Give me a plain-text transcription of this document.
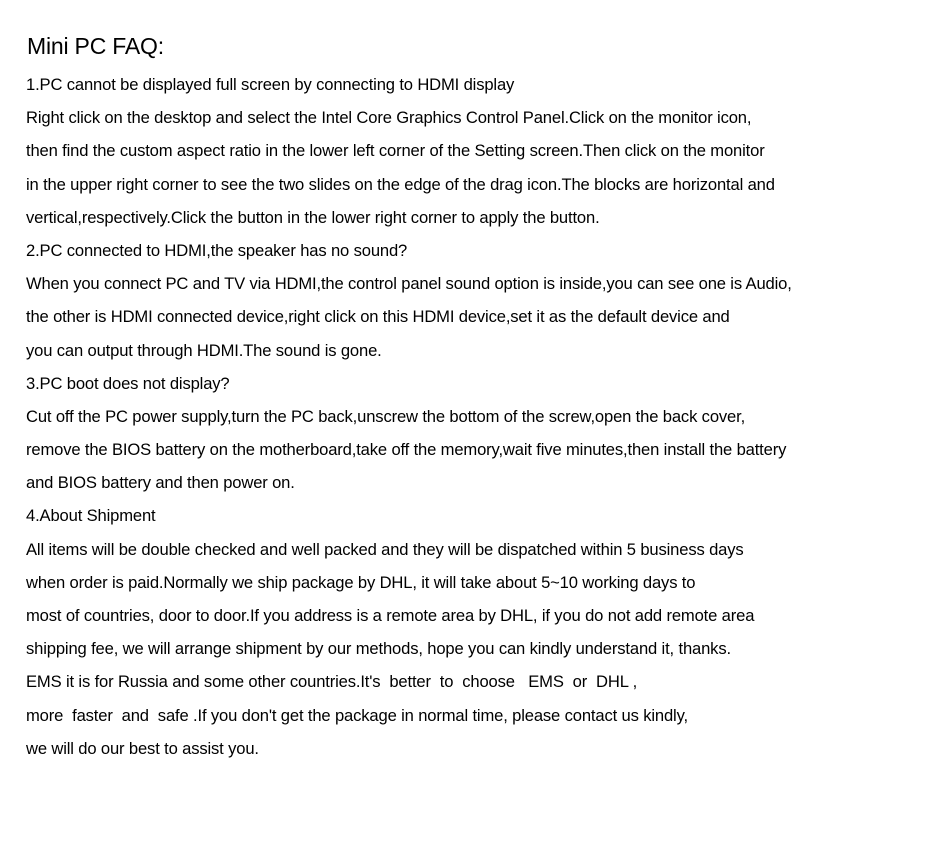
Mini PC FAQ:
1.PC cannot be displayed full screen by connecting to HDMI display
Right click on the desktop and select the Intel Core Graphics Control Panel.Click on the monitor icon,
then find the custom aspect ratio in the lower left corner of the Setting screen.Then click on the monitor
in the upper right corner to see the two slides on the edge of the drag icon.The blocks are horizontal and
vertical,respectively.Click the button in the lower right corner to apply the button.
2.PC connected to HDMI,the speaker has no sound?
When you connect PC and TV via HDMI,the control panel sound option is inside,you can see one is Audio,
the other is HDMI connected device,right click on this HDMI device,set it as the default device and
you can output through HDMI.The sound is gone.
3.PC boot does not display?
Cut off the PC power supply,turn the PC back,unscrew the bottom of the screw,open the back cover,
remove the BIOS battery on the motherboard,take off the memory,wait five minutes,then install the battery
and BIOS battery and then power on.
4.About Shipment
All items will be double checked and well packed and they will be dispatched within 5 business days
when order is paid.Normally we ship package by DHL, it will take about 5~10 working days to
most of countries, door to door.If you address is a remote area by DHL, if you do not add remote area
shipping fee, we will arrange shipment by our methods, hope you can kindly understand it, thanks.
EMS it is for Russia and some other countries.It's  better  to  choose   EMS  or  DHL ,
more  faster  and  safe .If you don't get the package in normal time, please contact us kindly,
we will do our best to assist you.
